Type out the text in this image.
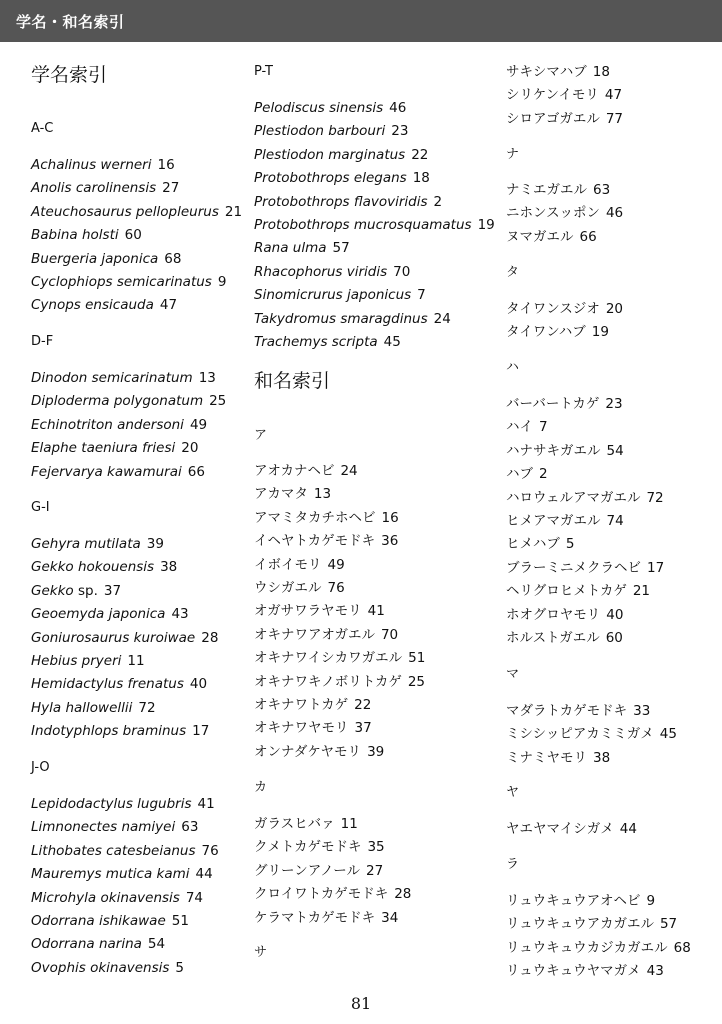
学名・和名索引
学名索引
A-C
Achalinus werneri 16
Anolis carolinensis 27
Ateuchosaurus pellopleurus 21
Babina holsti 60
Buergeria japonica 68
Cyclophiops semicarinatus 9
Cynops ensicauda 47
D-F
Dinodon semicarinatum 13
Diploderma polygonatum 25
Echinotriton andersoni 49
Elaphe taeniura friesi 20
Fejervarya kawamurai 66
G-I
Gehyra mutilata 39
Gekko hokouensis 38
Gekko sp. 37
Geoemyda japonica 43
Goniurosaurus kuroiwae 28
Hebius pryeri 11
Hemidactylus frenatus 40
Hyla hallowellii 72
Indotyphlops braminus 17
J-O
Lepidodactylus lugubris 41
Limnonectes namiyei 63
Lithobates catesbeianus 76
Mauremys mutica kami 44
Microhyla okinavensis 74
Odorrana ishikawae 51
Odorrana narina 54
Ovophis okinavensis 5
P-T
Pelodiscus sinensis 46
Plestiodon barbouri 23
Plestiodon marginatus 22
Protobothrops elegans 18
Protobothrops flavoviridis 2
Protobothrops mucrosquamatus 19
Rana ulma 57
Rhacophorus viridis 70
Sinomicrurus japonicus 7
Takydromus smaragdinus 24
Trachemys scripta 45
和名索引
ア
アオカナヘビ 24
アカマタ 13
アマミタカチホヘビ 16
イヘヤトカゲモドキ 36
イボイモリ 49
ウシガエル 76
オガサワラヤモリ 41
オキナワアオガエル 70
オキナワイシカワガエル 51
オキナワキノボリトカゲ 25
オキナワトカゲ 22
オキナワヤモリ 37
オンナダケヤモリ 39
カ
ガラスヒバァ 11
クメトカゲモドキ 35
グリーンアノール 27
クロイワトカゲモドキ 28
ケラマトカゲモドキ 34
サ
サキシマハブ 18
シリケンイモリ 47
シロアゴガエル 77
ナ
ナミエガエル 63
ニホンスッポン 46
ヌマガエル 66
タ
タイワンスジオ 20
タイワンハブ 19
ハ
バーバートカゲ 23
ハイ 7
ハナサキガエル 54
ハブ 2
ハロウェルアマガエル 72
ヒメアマガエル 74
ヒメハブ 5
ブラーミニメクラヘビ 17
ヘリグロヒメトカゲ 21
ホオグロヤモリ 40
ホルストガエル 60
マ
マダラトカゲモドキ 33
ミシシッピアカミミガメ 45
ミナミヤモリ 38
ヤ
ヤエヤマイシガメ 44
ラ
リュウキュウアオヘビ 9
リュウキュウアカガエル 57
リュウキュウカジカガエル 68
リュウキュウヤマガメ 43
81
